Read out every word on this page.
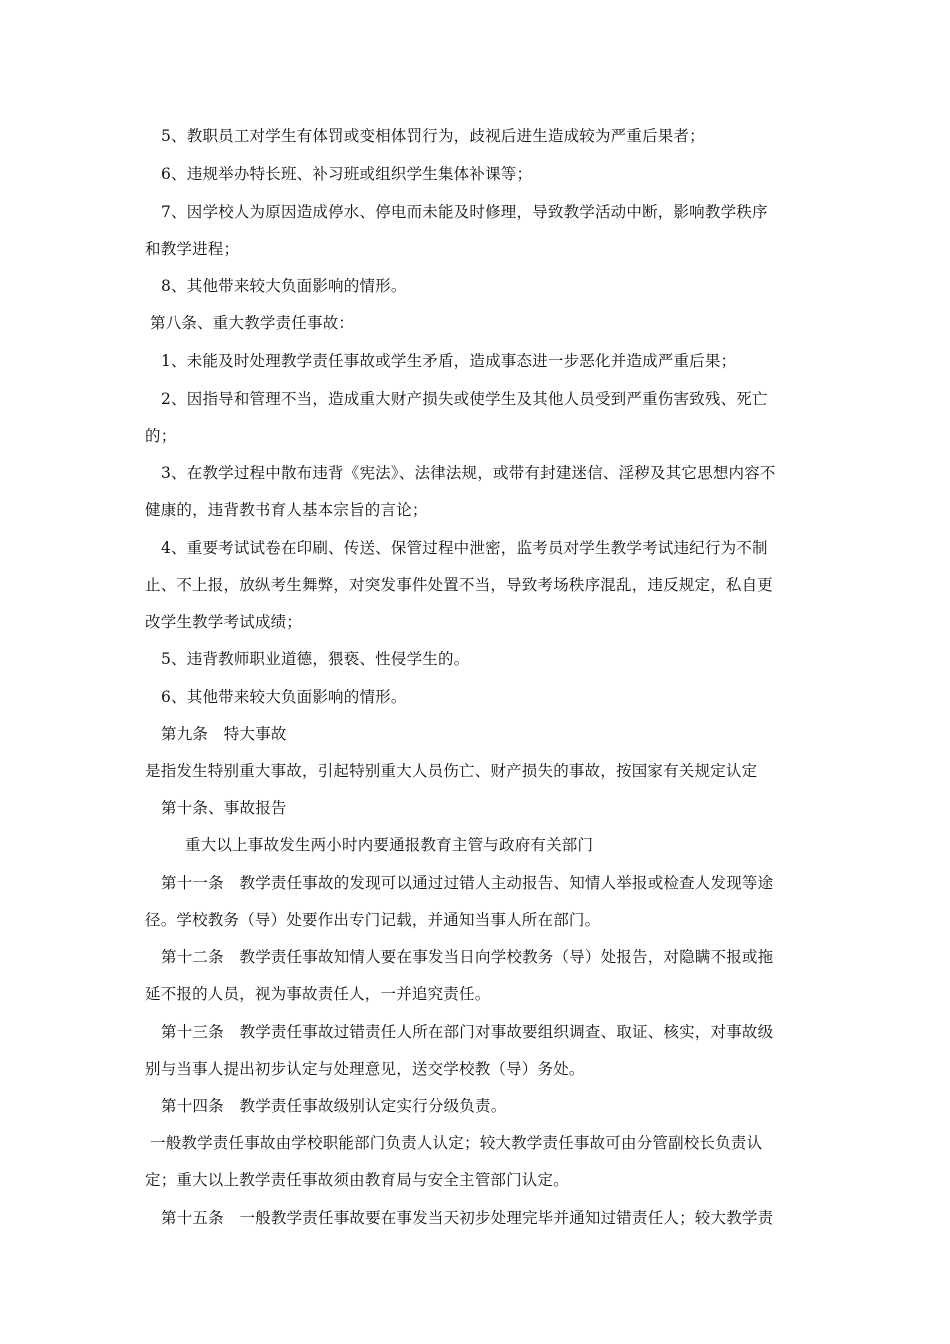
5、教职员工对学生有体罚或变相体罚行为，歧视后进生造成较为严重后果者；
6、违规举办特长班、补习班或组织学生集体补课等；
7、因学校人为原因造成停水、停电而未能及时修理，导致教学活动中断，影响教学秩序
和教学进程；
8、其他带来较大负面影响的情形。
第八条、重大教学责任事故：
1、未能及时处理教学责任事故或学生矛盾，造成事态进一步恶化并造成严重后果；
2、因指导和管理不当，造成重大财产损失或使学生及其他人员受到严重伤害致残、死亡
的；
3、在教学过程中散布违背《宪法》、法律法规，或带有封建迷信、淫秽及其它思想内容不
健康的，违背教书育人基本宗旨的言论；
4、重要考试试卷在印刷、传送、保管过程中泄密，监考员对学生教学考试违纪行为不制
止、不上报，放纵考生舞弊，对突发事件处置不当，导致考场秩序混乱，违反规定，私自更
改学生教学考试成绩；
5、违背教师职业道德，猥亵、性侵学生的。
6、其他带来较大负面影响的情形。
第九条　特大事故
是指发生特别重大事故，引起特别重大人员伤亡、财产损失的事故，按国家有关规定认定
第十条、事故报告
重大以上事故发生两小时内要通报教育主管与政府有关部门
第十一条　教学责任事故的发现可以通过过错人主动报告、知情人举报或检查人发现等途
径。学校教务（导）处要作出专门记载，并通知当事人所在部门。
第十二条　教学责任事故知情人要在事发当日向学校教务（导）处报告，对隐瞒不报或拖
延不报的人员，视为事故责任人，一并追究责任。
第十三条　教学责任事故过错责任人所在部门对事故要组织调查、取证、核实，对事故级
别与当事人提出初步认定与处理意见，送交学校教（导）务处。
第十四条　教学责任事故级别认定实行分级负责。
一般教学责任事故由学校职能部门负责人认定；较大教学责任事故可由分管副校长负责认
定；重大以上教学责任事故须由教育局与安全主管部门认定。
第十五条　一般教学责任事故要在事发当天初步处理完毕并通知过错责任人；较大教学责
